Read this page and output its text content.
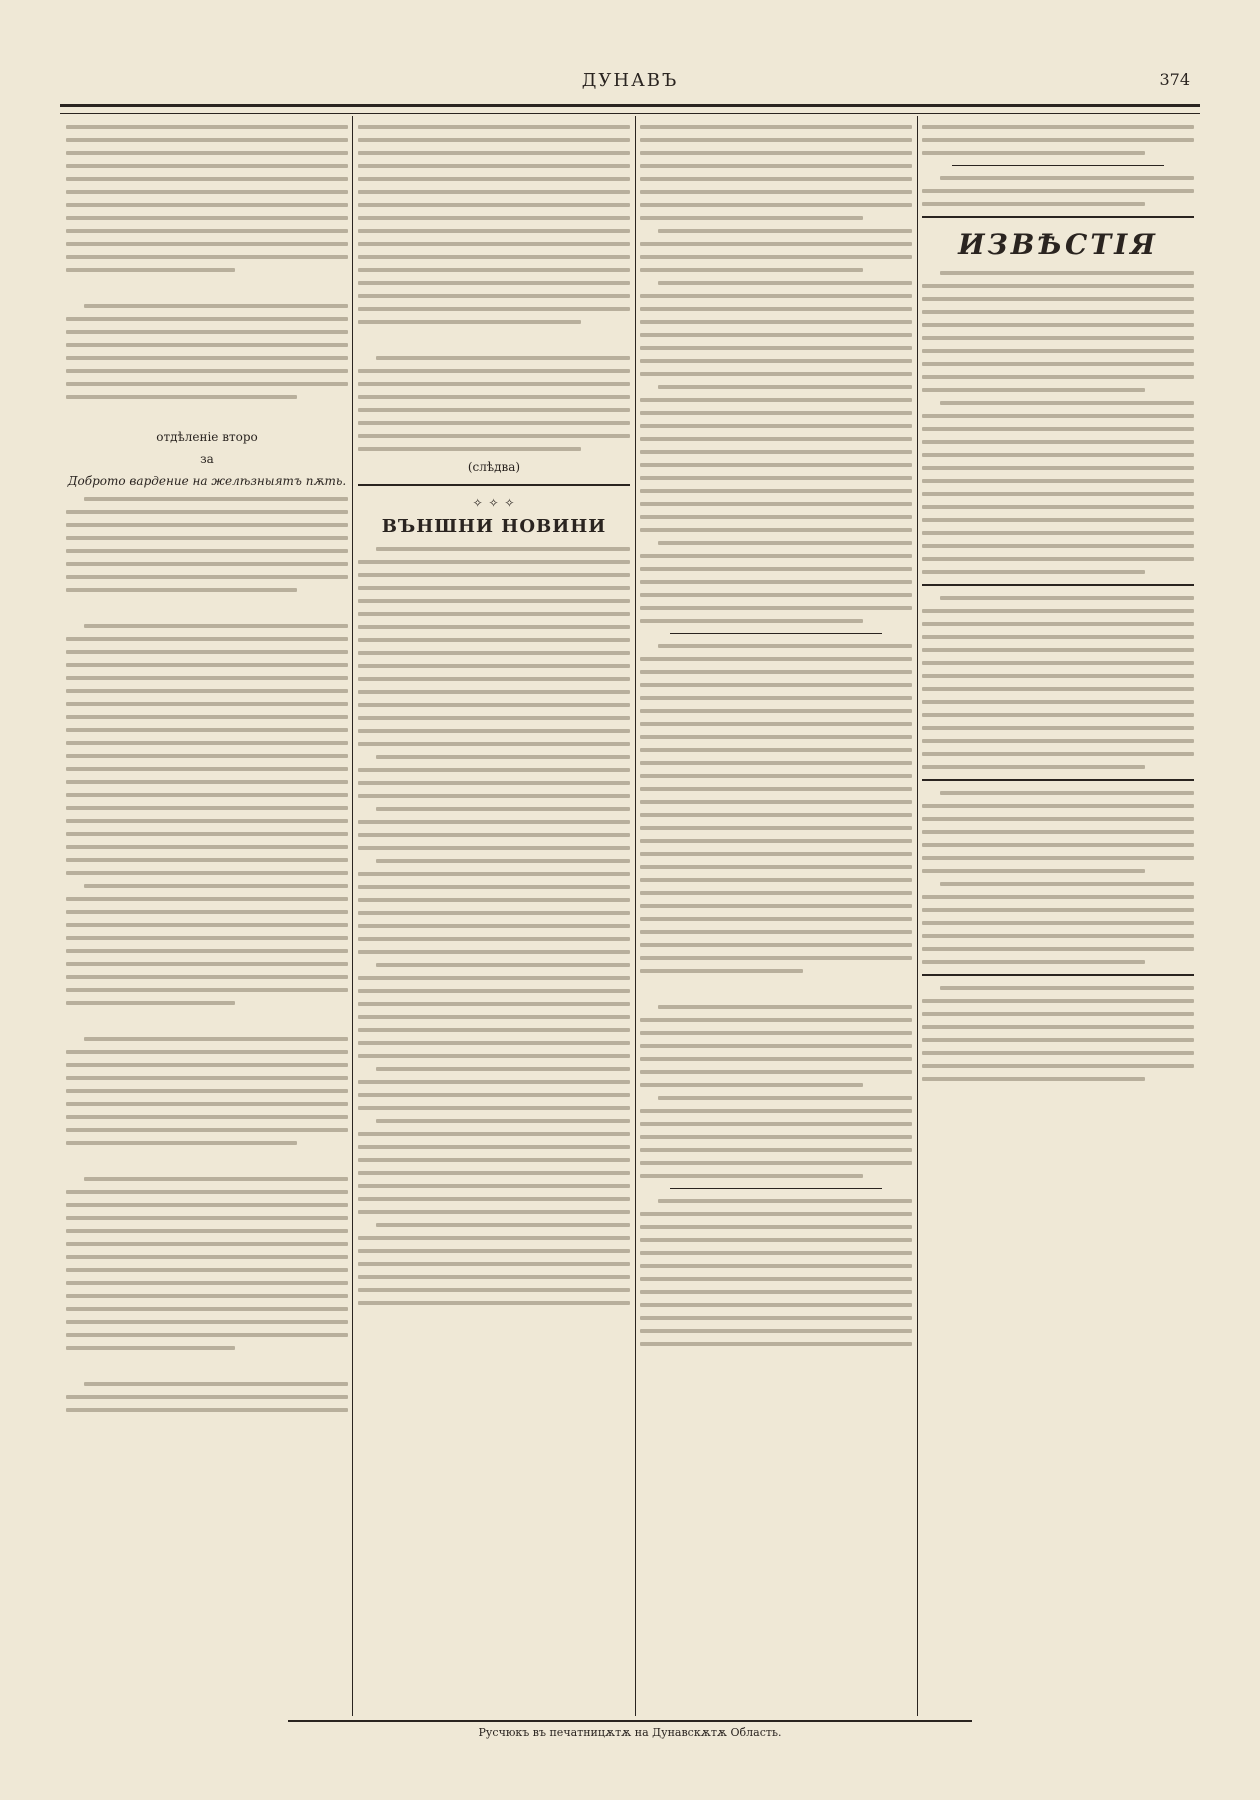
ДУНАВЪ	374
отдѣленіе второ
за
Доброто вардение на желѣзныятъ пѫть.
(слѣдва)
✧ ✧ ✧
ВЪНШНИ НОВИНИ
ИЗВѢСТІЯ
Русчюкъ въ печатницѫтѫ на Дунавскѫтѫ Область.
